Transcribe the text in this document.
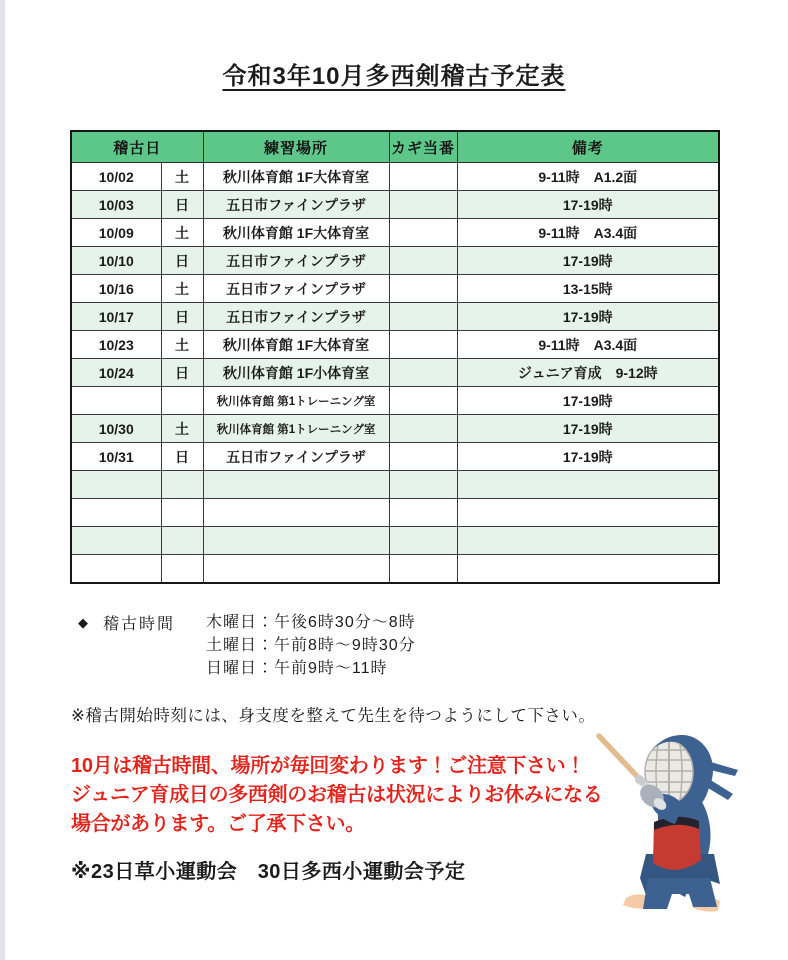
令和3年10月多西剣稽古予定表
稽古日		練習場所	カギ当番	備考
10/02	土	秋川体育館 1F大体育室		9-11時　A1.2面
10/03	日	五日市ファインプラザ		17-19時
10/09	土	秋川体育館 1F大体育室		9-11時　A3.4面
10/10	日	五日市ファインプラザ		17-19時
10/16	土	五日市ファインプラザ		13-15時
10/17	日	五日市ファインプラザ		17-19時
10/23	土	秋川体育館 1F大体育室		9-11時　A3.4面
10/24	日	秋川体育館 1F小体育室		ジュニア育成　9-12時
		秋川体育館 第1トレーニング室		17-19時
10/30	土	秋川体育館 第1トレーニング室		17-19時
10/31	日	五日市ファインプラザ		17-19時

◆ 稽古時間 木曜日：午後6時30分～8時
土曜日：午前8時～9時30分
日曜日：午前9時～11時
※稽古開始時刻には、身支度を整えて先生を待つようにして下さい。
10月は稽古時間、場所が毎回変わります！ご注意下さい！
ジュニア育成日の多西剣のお稽古は状況によりお休みになる
場合があります。ご了承下さい。
※23日草小運動会　30日多西小運動会予定
